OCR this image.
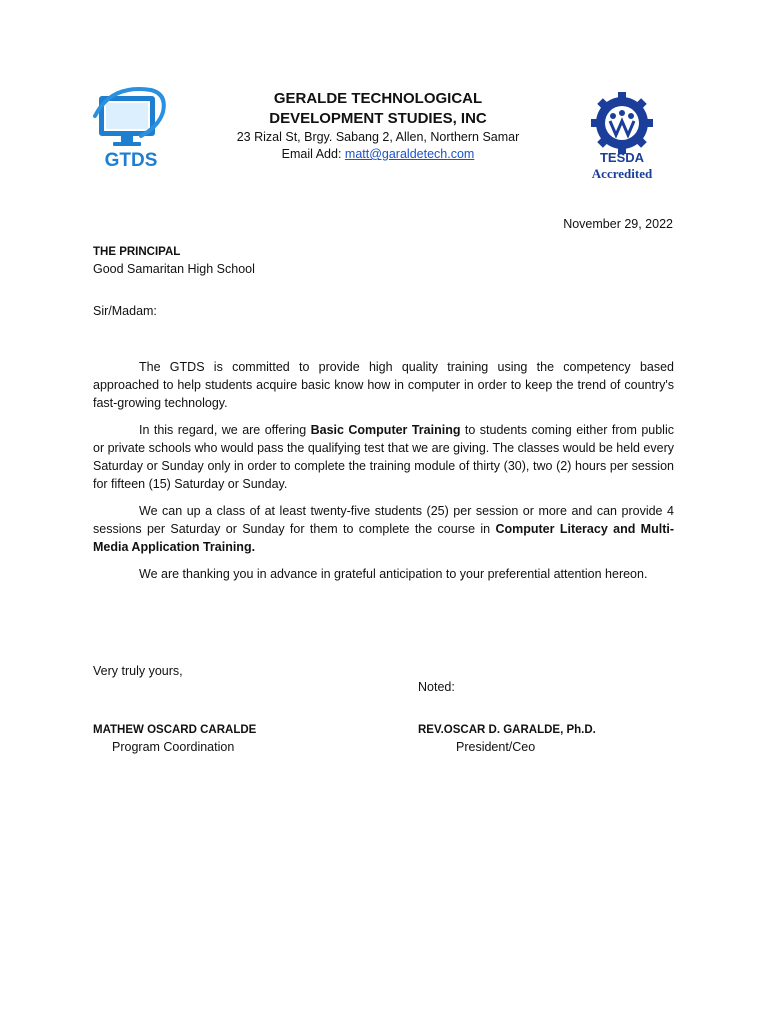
GTDS

GERALDE TECHNOLOGICAL

DEVELOPMENT STUDIES, INC

23 Rizal St, Brgy. Sabang 2, Allen, Northern Samar

Email Add: matt@garaldetech.com	TESDA
Accredited
November 29, 2022
THE PRINCIPAL
Good Samaritan High School
Sir/Madam:

The GTDS is committed to provide high quality training using the competency based approached to help students acquire basic know how in computer in order to keep the trend of country's fast-growing technology.

In this regard, we are offering Basic Computer Training to students coming either from public or private schools who would pass the qualifying test that we are giving. The classes would be held every Saturday or Sunday only in order to complete the training module of thirty (30), two (2) hours per session for fifteen (15) Saturday or Sunday.

We can up a class of at least twenty-five students (25) per session or more and can provide 4 sessions per Saturday or Sunday for them to complete the course in Computer Literacy and Multi-Media Application Training.

We are thanking you in advance in grateful anticipation to your preferential attention hereon.

Very truly yours,
Noted:
MATHEW OSCARD CARALDE
Program Coordination
REV.OSCAR D. GARALDE, Ph.D.
President/Ceo
